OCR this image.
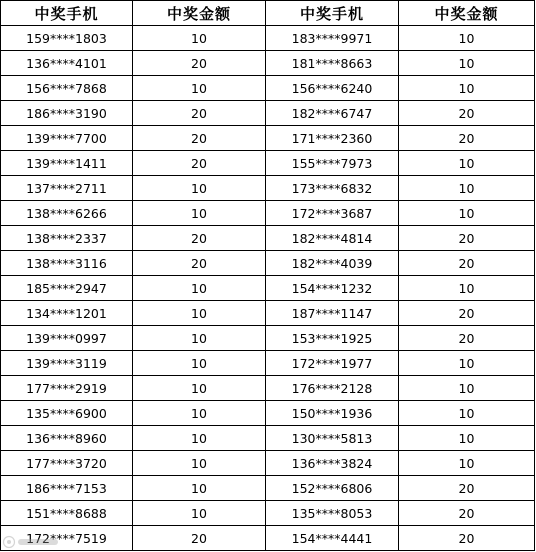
中奖手机	中奖金额	中奖手机	中奖金额
159****1803	10	183****9971	10
136****4101	20	181****8663	10
156****7868	10	156****6240	10
186****3190	20	182****6747	20
139****7700	20	171****2360	20
139****1411	20	155****7973	10
137****2711	10	173****6832	10
138****6266	10	172****3687	10
138****2337	20	182****4814	20
138****3116	20	182****4039	20
185****2947	10	154****1232	10
134****1201	10	187****1147	20
139****0997	10	153****1925	20
139****3119	10	172****1977	10
177****2919	10	176****2128	10
135****6900	10	150****1936	10
136****8960	10	130****5813	10
177****3720	10	136****3824	10
186****7153	10	152****6806	20
151****8688	10	135****8053	20
172****7519	20	154****4441	20
